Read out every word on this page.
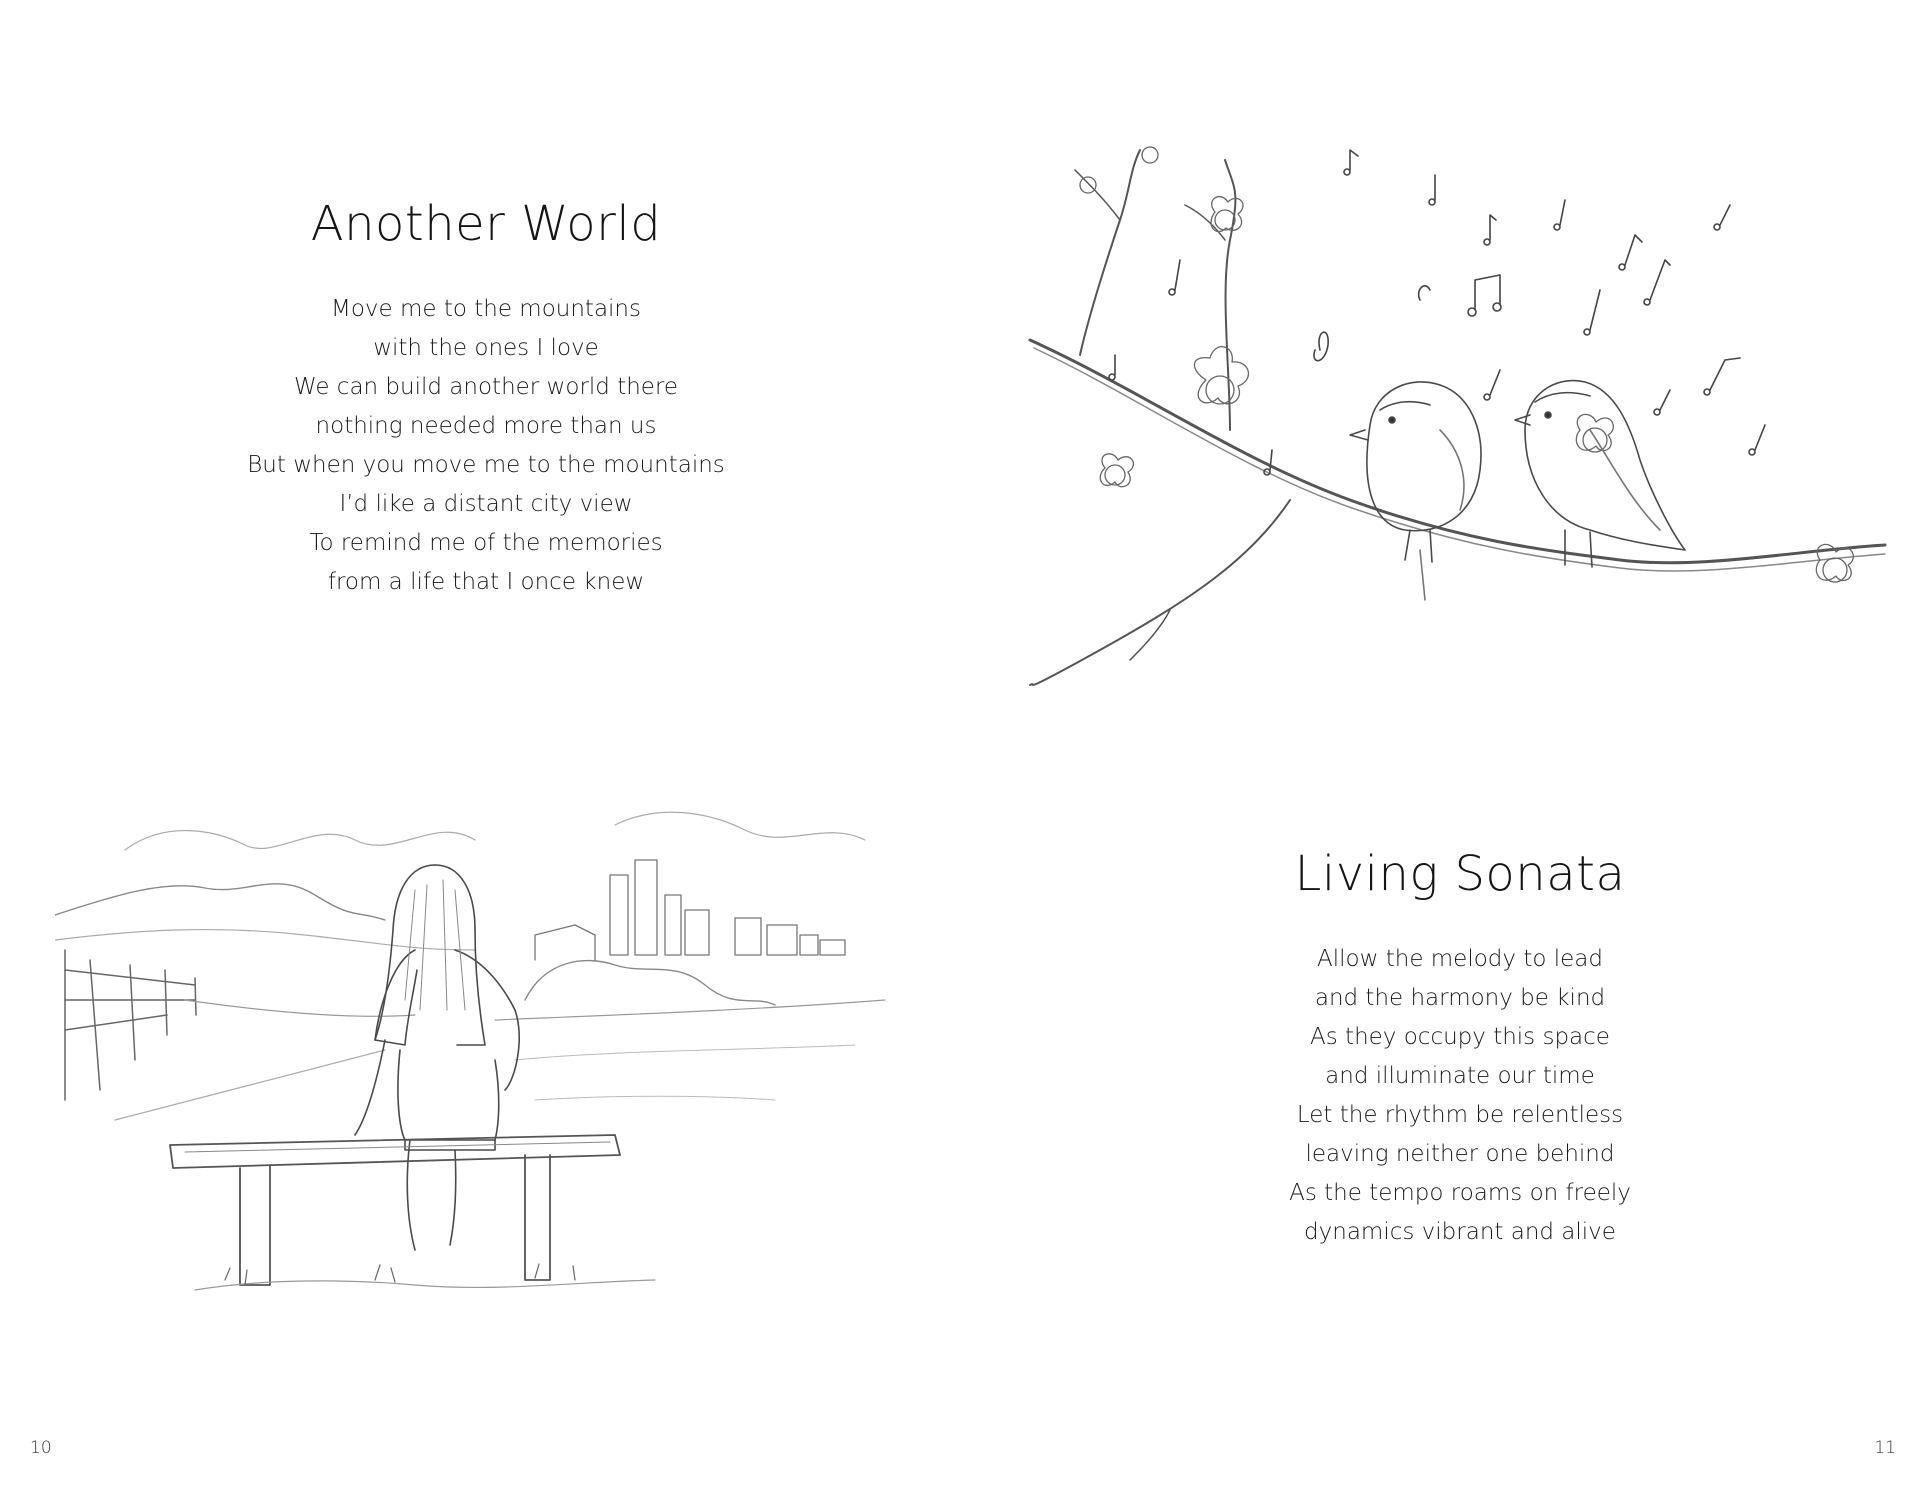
Another World
Move me to the mountains
with the ones I love
We can build another world there
nothing needed more than us
But when you move me to the mountains
I’d like a distant city view
To remind me of the memories
from a life that I once knew
Living Sonata
Allow the melody to lead
and the harmony be kind
As they occupy this space
and illuminate our time
Let the rhythm be relentless
leaving neither one behind
As the tempo roams on freely
dynamics vibrant and alive
10	11
